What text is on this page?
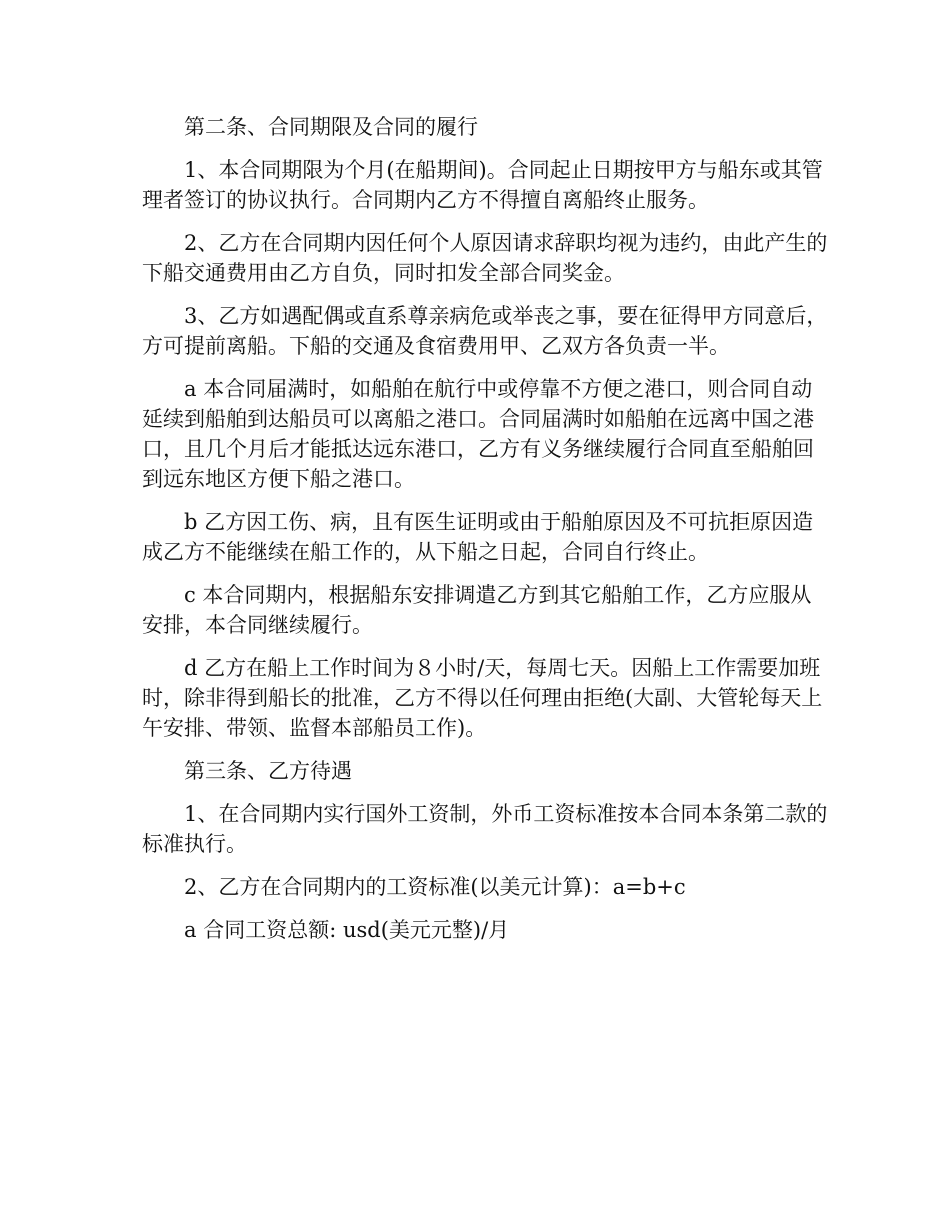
第二条、合同期限及合同的履行

1、本合同期限为个月(在船期间)。合同起止日期按甲方与船东或其管理者签订的协议执行。合同期内乙方不得擅自离船终止服务。

2、乙方在合同期内因任何个人原因请求辞职均视为违约，由此产生的下船交通费用由乙方自负，同时扣发全部合同奖金。

3、乙方如遇配偶或直系尊亲病危或举丧之事，要在征得甲方同意后，方可提前离船。下船的交通及食宿费用甲、乙双方各负责一半。

a 本合同届满时，如船舶在航行中或停靠不方便之港口，则合同自动延续到船舶到达船员可以离船之港口。合同届满时如船舶在远离中国之港口，且几个月后才能抵达远东港口，乙方有义务继续履行合同直至船舶回到远东地区方便下船之港口。

b 乙方因工伤、病，且有医生证明或由于船舶原因及不可抗拒原因造成乙方不能继续在船工作的，从下船之日起，合同自行终止。

c 本合同期内，根据船东安排调遣乙方到其它船舶工作，乙方应服从安排，本合同继续履行。

d 乙方在船上工作时间为８小时/天，每周七天。因船上工作需要加班时，除非得到船长的批准，乙方不得以任何理由拒绝(大副、大管轮每天上午安排、带领、监督本部船员工作)。

第三条、乙方待遇

1、在合同期内实行国外工资制，外币工资标准按本合同本条第二款的标准执行。

2、乙方在合同期内的工资标准(以美元计算)：a=b+c

a 合同工资总额: usd(美元元整)/月
